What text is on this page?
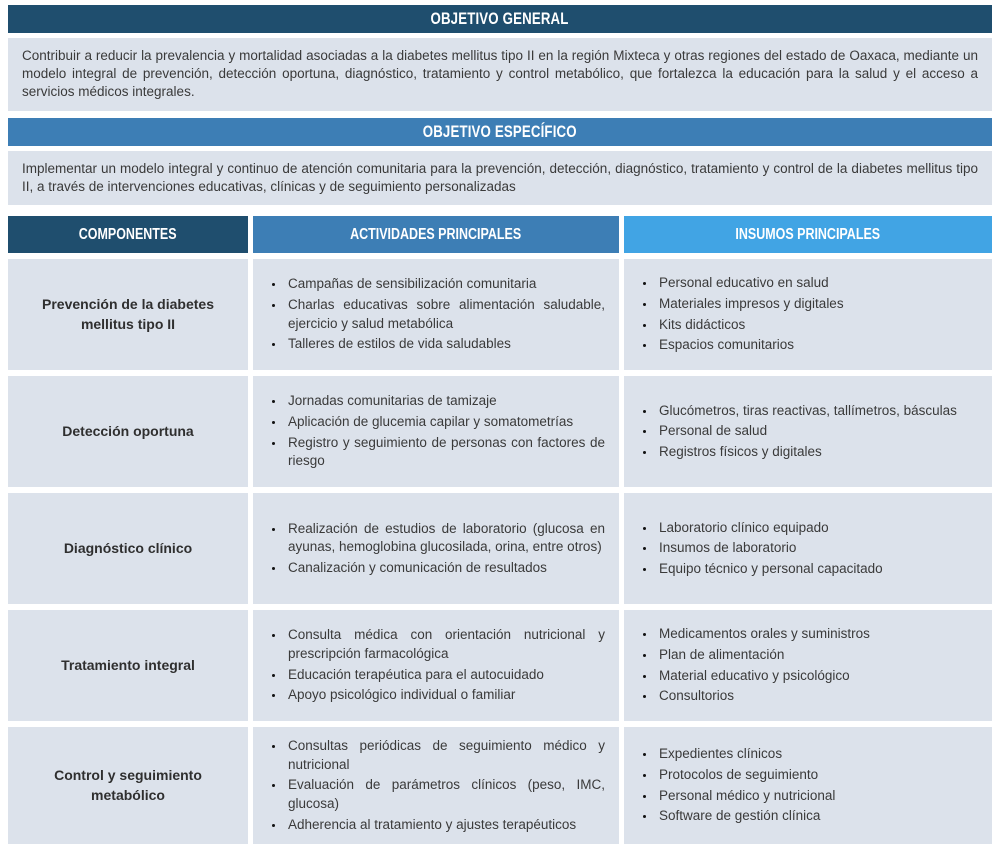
OBJETIVO GENERAL
Contribuir a reducir la prevalencia y mortalidad asociadas a la diabetes mellitus tipo II en la región Mixteca y otras regiones del estado de Oaxaca, mediante un modelo integral de prevención, detección oportuna, diagnóstico, tratamiento y control metabólico, que fortalezca la educación para la salud y el acceso a servicios médicos integrales.
OBJETIVO ESPECÍFICO
Implementar un modelo integral y continuo de atención comunitaria para la prevención, detección, diagnóstico, tratamiento y control de la diabetes mellitus tipo II, a través de intervenciones educativas, clínicas y de seguimiento personalizadas
COMPONENTES	ACTIVIDADES PRINCIPALES	INSUMOS PRINCIPALES
Prevención de la diabetes mellitus tipo II
• Campañas de sensibilización comunitaria
• Charlas educativas sobre alimentación saludable, ejercicio y salud metabólica
• Talleres de estilos de vida saludables
• Personal educativo en salud
• Materiales impresos y digitales
• Kits didácticos
• Espacios comunitarios
Detección oportuna
• Jornadas comunitarias de tamizaje
• Aplicación de glucemia capilar y somatometrías
• Registro y seguimiento de personas con factores de riesgo
• Glucómetros, tiras reactivas, tallímetros, básculas
• Personal de salud
• Registros físicos y digitales
Diagnóstico clínico
• Realización de estudios de laboratorio (glucosa en ayunas, hemoglobina glucosilada, orina, entre otros)
• Canalización y comunicación de resultados
• Laboratorio clínico equipado
• Insumos de laboratorio
• Equipo técnico y personal capacitado
Tratamiento integral
• Consulta médica con orientación nutricional y prescripción farmacológica
• Educación terapéutica para el autocuidado
• Apoyo psicológico individual o familiar
• Medicamentos orales y suministros
• Plan de alimentación
• Material educativo y psicológico
• Consultorios
Control y seguimiento metabólico
• Consultas periódicas de seguimiento médico y nutricional
• Evaluación de parámetros clínicos (peso, IMC, glucosa)
• Adherencia al tratamiento y ajustes terapéuticos
• Expedientes clínicos
• Protocolos de seguimiento
• Personal médico y nutricional
• Software de gestión clínica
